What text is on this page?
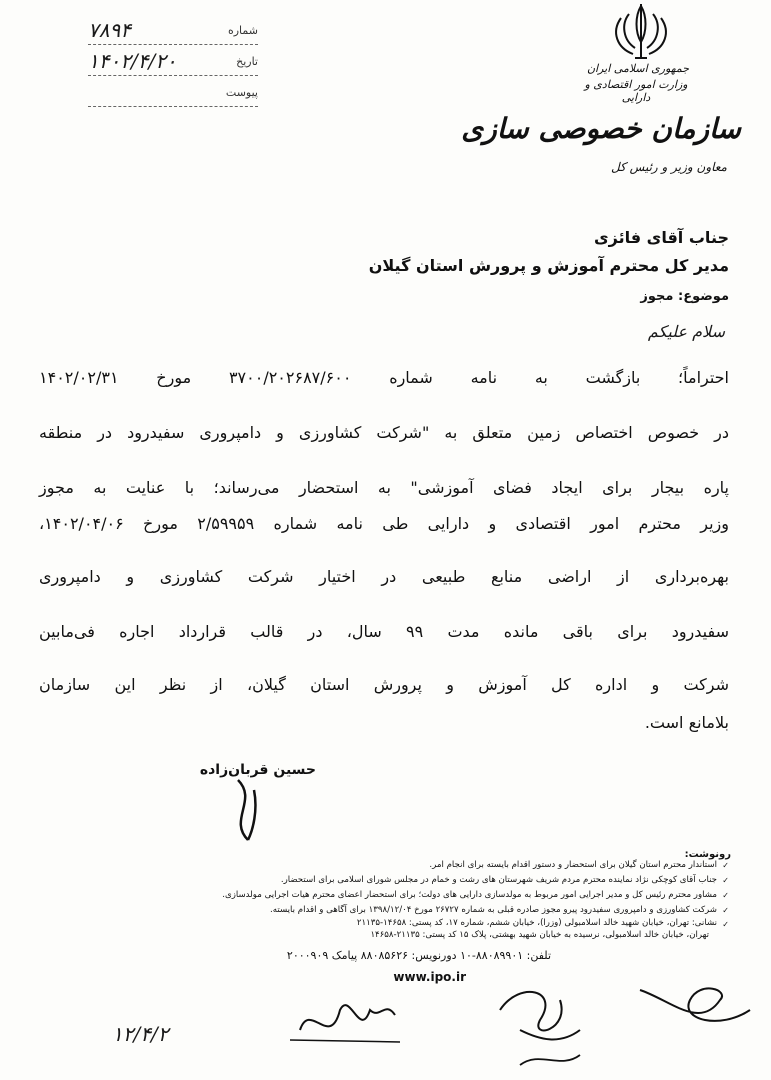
جمهوری اسلامی ایران
وزارت امور اقتصادی و دارایی
سازمان خصوصی سازی
معاون وزیر و رئیس کل
شماره
۷۸۹۴
تاریخ
۱۴۰۲/۴/۲۰
پیوست
جناب آقای فائزی
مدیر کل محترم آموزش و پرورش استان گیلان
موضوع: مجوز
سلام علیکم
احتراماً؛ بازگشت به نامه شماره ۳۷۰۰/۲۰۲۶۸۷/۶۰۰ مورخ ۱۴۰۲/۰۲/۳۱
در خصوص اختصاص زمین متعلق به "شرکت کشاورزی و دامپروری سفیدرود در منطقه
پاره بیجار برای ایجاد فضای آموزشی" به استحضار می‌رساند؛ با عنایت به مجوز
وزیر محترم امور اقتصادی و دارایی طی نامه شماره ۲/۵۹۹۵۹ مورخ ۱۴۰۲/۰۴/۰۶،
بهره‌برداری از اراضی منابع طبیعی در اختیار شرکت کشاورزی و دامپروری
سفیدرود برای باقی مانده مدت ۹۹ سال، در قالب قرارداد اجاره فی‌مابین
شرکت و اداره کل آموزش و پرورش استان گیلان، از نظر این سازمان
بلامانع است.
حسین قربان‌زاده
رونوشت:
✓
استاندار محترم استان گیلان برای استحضار و دستور اقدام بایسته برای انجام امر.
✓
جناب آقای کوچکی نژاد نماینده محترم مردم شریف شهرستان های رشت و خمام در مجلس شورای اسلامی برای استحضار.
✓
مشاور محترم رئیس کل و مدیر اجرایی امور مربوط به مولدسازی دارایی های دولت؛ برای استحضار اعضای محترم هیات اجرایی مولدسازی.
✓
شرکت کشاورزی و دامپروری سفیدرود پیرو مجوز صادره قبلی به شماره ۲۶۷۲۷ مورخ ۱۳۹۸/۱۲/۰۴ برای آگاهی و اقدام بایسته.
✓
نشانی: تهران، خیابان شهید خالد اسلامبولی (وزرا)، خیابان ششم، شماره ۱۷، کد پستی: ۱۴۶۵۸-۲۱۱۳۵
تهران، خیابان خالد اسلامبولی، نرسیده به خیابان شهید بهشتی، پلاک ۱۵ کد پستی: ۲۱۱۳۵-۱۴۶۵۸
تلفن: ۸۸۰۸۹۹۰۱-۱۰ دورنویس: ۸۸۰۸۵۶۲۶ پیامک ۲۰۰۰۹۰۹
www.ipo.ir
۱۲/۴/۲
